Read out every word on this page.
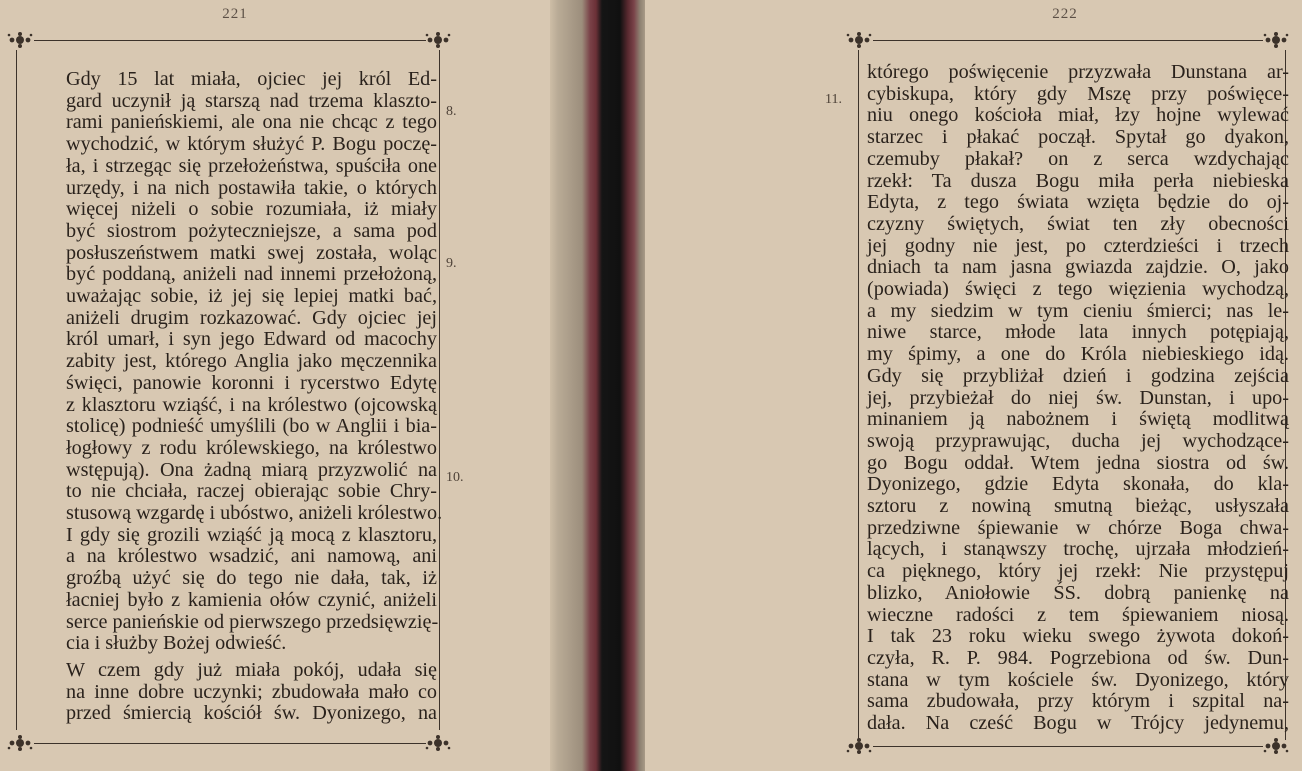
221
8.
9.
10.

Gdy 15 lat miała, ojciec jej król Ed-
gard uczynił ją starszą nad trzema klaszto-
rami panieńskiemi, ale ona nie chcąc z tego
wychodzić, w którym służyć P. Bogu poczę-
ła, i strzegąc się przełożeństwa, spuściła one
urzędy, i na nich postawiła takie, o których
więcej niżeli o sobie rozumiała, iż miały
być siostrom pożyteczniejsze, a sama pod
posłuszeństwem matki swej została, woląc
być poddaną, aniżeli nad innemi przełożoną,
uważając sobie, iż jej się lepiej matki bać,
aniżeli drugim rozkazować. Gdy ojciec jej
król umarł, i syn jego Edward od macochy
zabity jest, którego Anglia jako męczennika
święci, panowie koronni i rycerstwo Edytę
z klasztoru wziąść, i na królestwo (ojcowską
stolicę) podnieść umyślili (bo w Anglii i bia-
łogłowy z rodu królewskiego, na królestwo
wstępują). Ona żadną miarą przyzwolić na
to nie chciała, raczej obierając sobie Chry-
stusową wzgardę i ubóstwo, aniżeli królestwo.
I gdy się grozili wziąść ją mocą z klasztoru,
a na królestwo wsadzić, ani namową, ani
groźbą użyć się do tego nie dała, tak, iż
łacniej było z kamienia ołów czynić, aniżeli
serce panieńskie od pierwszego przedsięwzię-
cia i służby Bożej odwieść.

W czem gdy już miała pokój, udała się
na inne dobre uczynki; zbudowała mało co
przed śmiercią kościół św. Dyonizego, na

222
11.

którego poświęcenie przyzwała Dunstana ar-
cybiskupa, który gdy Mszę przy poświęce-
niu onego kościoła miał, łzy hojne wylewać
starzec i płakać począł. Spytał go dyakon,
czemuby płakał? on z serca wzdychając
rzekł: Ta dusza Bogu miła perła niebieska
Edyta, z tego świata wzięta będzie do oj-
czyzny świętych, świat ten zły obecności
jej godny nie jest, po czterdzieści i trzech
dniach ta nam jasna gwiazda zajdzie. O, jako
(powiada) święci z tego więzienia wychodzą,
a my siedzim w tym cieniu śmierci; nas le-
niwe starce, młode lata innych potępiają,
my śpimy, a one do Króla niebieskiego idą.
Gdy się przybliżał dzień i godzina zejścia
jej, przybieżał do niej św. Dunstan, i upo-
minaniem ją nabożnem i świętą modlitwą
swoją przyprawując, ducha jej wychodzące-
go Bogu oddał. Wtem jedna siostra od św.
Dyonizego, gdzie Edyta skonała, do kla-
sztoru z nowiną smutną bieżąc, usłyszała
przedziwne śpiewanie w chórze Boga chwa-
lących, i stanąwszy trochę, ujrzała młodzień-
ca pięknego, który jej rzekł: Nie przystępuj
blizko, Aniołowie ŚS. dobrą panienkę na
wieczne radości z tem śpiewaniem niosą.
I tak 23 roku wieku swego żywota dokoń-
czyła, R. P. 984. Pogrzebiona od św. Dun-
stana w tym kościele św. Dyonizego, który
sama zbudowała, przy którym i szpital na-
dała. Na cześć Bogu w Trójcy jedynemu,
